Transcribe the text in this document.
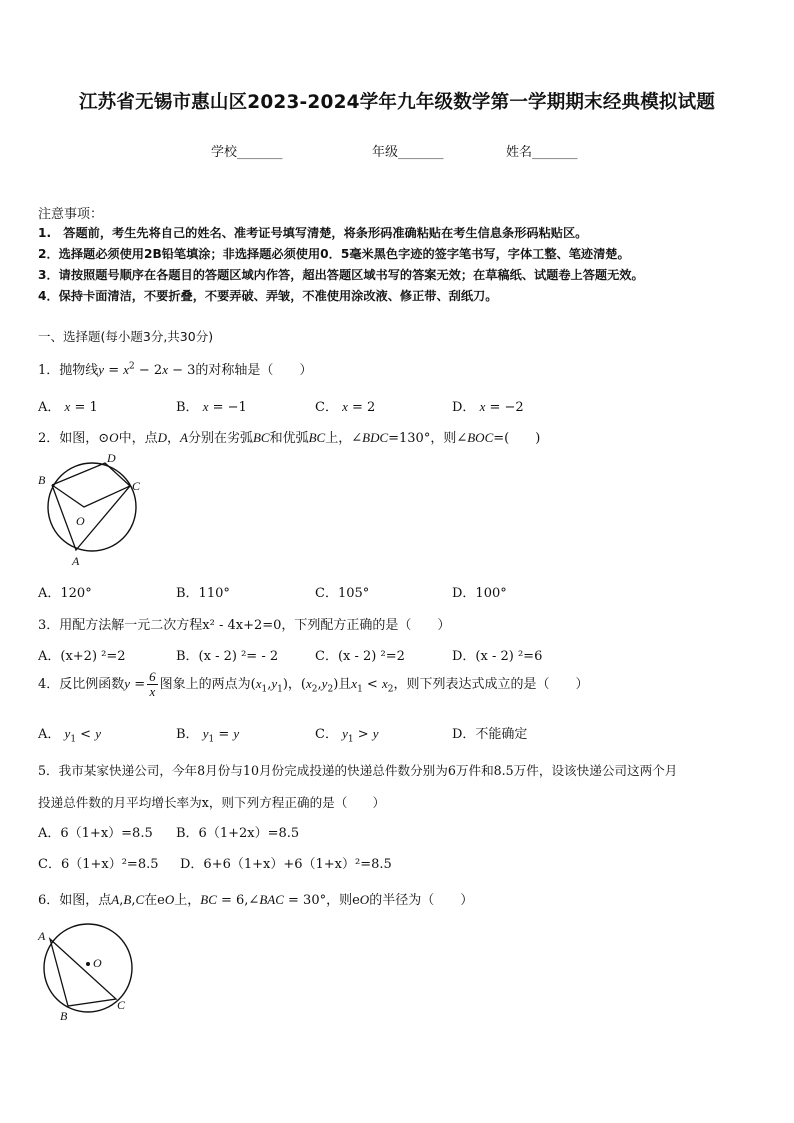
江苏省无锡市惠山区2023-2024学年九年级数学第一学期期末经典模拟试题
学校_______	年级_______	姓名_______
注意事项：
1.　答题前，考生先将自己的姓名、准考证号填写清楚，将条形码准确粘贴在考生信息条形码粘贴区。
2．选择题必须使用2B铅笔填涂；非选择题必须使用0．5毫米黑色字迹的签字笔书写，字体工整、笔迹清楚。
3．请按照题号顺序在各题目的答题区域内作答，超出答题区域书写的答案无效；在草稿纸、试题卷上答题无效。
4．保持卡面清洁，不要折叠，不要弄破、弄皱，不准使用涂改液、修正带、刮纸刀。
一、选择题(每小题3分,共30分)
1．抛物线$y = x^2 - 2x - 3$的对称轴是（　　）
A． x = 1	B． x = −1	C． x = 2	D． x = −2
2．如图，⊙O中，点D，A分别在劣弧BC和优弧BC上，∠BDC=130°，则∠BOC=(　　)
B
D
C
O
A
A．120°	B．110°	C．105°	D．100°
3．用配方法解一元二次方程x² - 4x+2=0，下列配方正确的是（　　）
A．(x+2) ²=2	B．(x - 2) ²= - 2	C．(x - 2) ²=2	D．(x - 2) ²=6
4．反比例函数$y = \frac{6}{x}$ 图象上的两点为$(x_1,y_1)$，$(x_2,y_2)$且$x_1 < x_2$，则下列表达式成立的是（　　）
A． $y_1 < y$	B． $y_1 = y$	C． $y_1 > y$	D．不能确定
5．我市某家快递公司，今年8月份与10月份完成投递的快递总件数分别为6万件和8.5万件，设该快递公司这两个月
投递总件数的月平均增长率为x，则下列方程正确的是（　　）
A．6（1+x）=8.5 B．6（1+2x）=8.5
C．6（1+x）²=8.5 D．6+6（1+x）+6（1+x）²=8.5
6．如图，点A,B,C在eO上，BC = 6,∠BAC = 30°，则eO的半径为（　　）
A
O
B
C
